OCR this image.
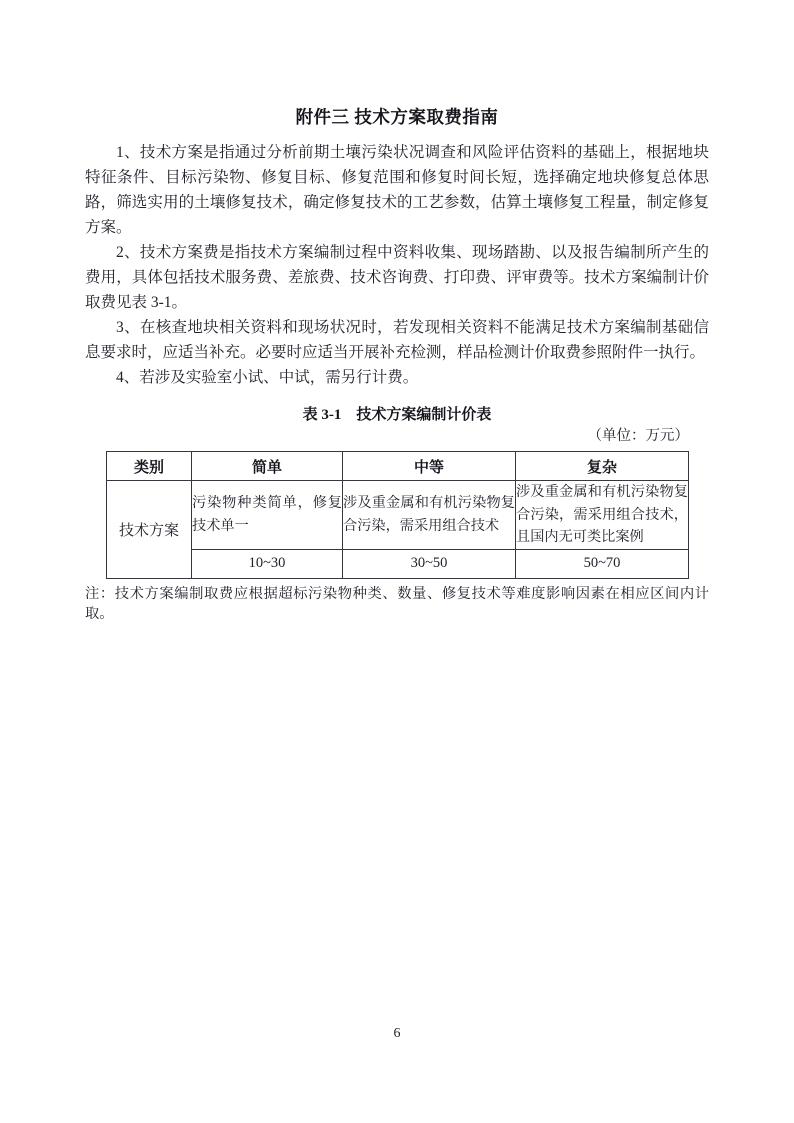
附件三 技术方案取费指南

1、技术方案是指通过分析前期土壤污染状况调查和风险评估资料的基础上，根据地块特征条件、目标污染物、修复目标、修复范围和修复时间长短，选择确定地块修复总体思路，筛选实用的土壤修复技术，确定修复技术的工艺参数，估算土壤修复工程量，制定修复方案。

2、技术方案费是指技术方案编制过程中资料收集、现场踏勘、以及报告编制所产生的费用，具体包括技术服务费、差旅费、技术咨询费、打印费、评审费等。技术方案编制计价取费见表 3-1。

3、在核查地块相关资料和现场状况时，若发现相关资料不能满足技术方案编制基础信息要求时，应适当补充。必要时应适当开展补充检测，样品检测计价取费参照附件一执行。

4、若涉及实验室小试、中试，需另行计费。

表 3-1　技术方案编制计价表
（单位：万元）
类别	简单	中等	复杂
技术方案	污染物种类简单，修复技术单一	涉及重金属和有机污染物复合污染，需采用组合技术	涉及重金属和有机污染物复合污染，需采用组合技术，且国内无可类比案例
	10~30	30~50	50~70

注：技术方案编制取费应根据超标污染物种类、数量、修复技术等难度影响因素在相应区间内计取。

6
